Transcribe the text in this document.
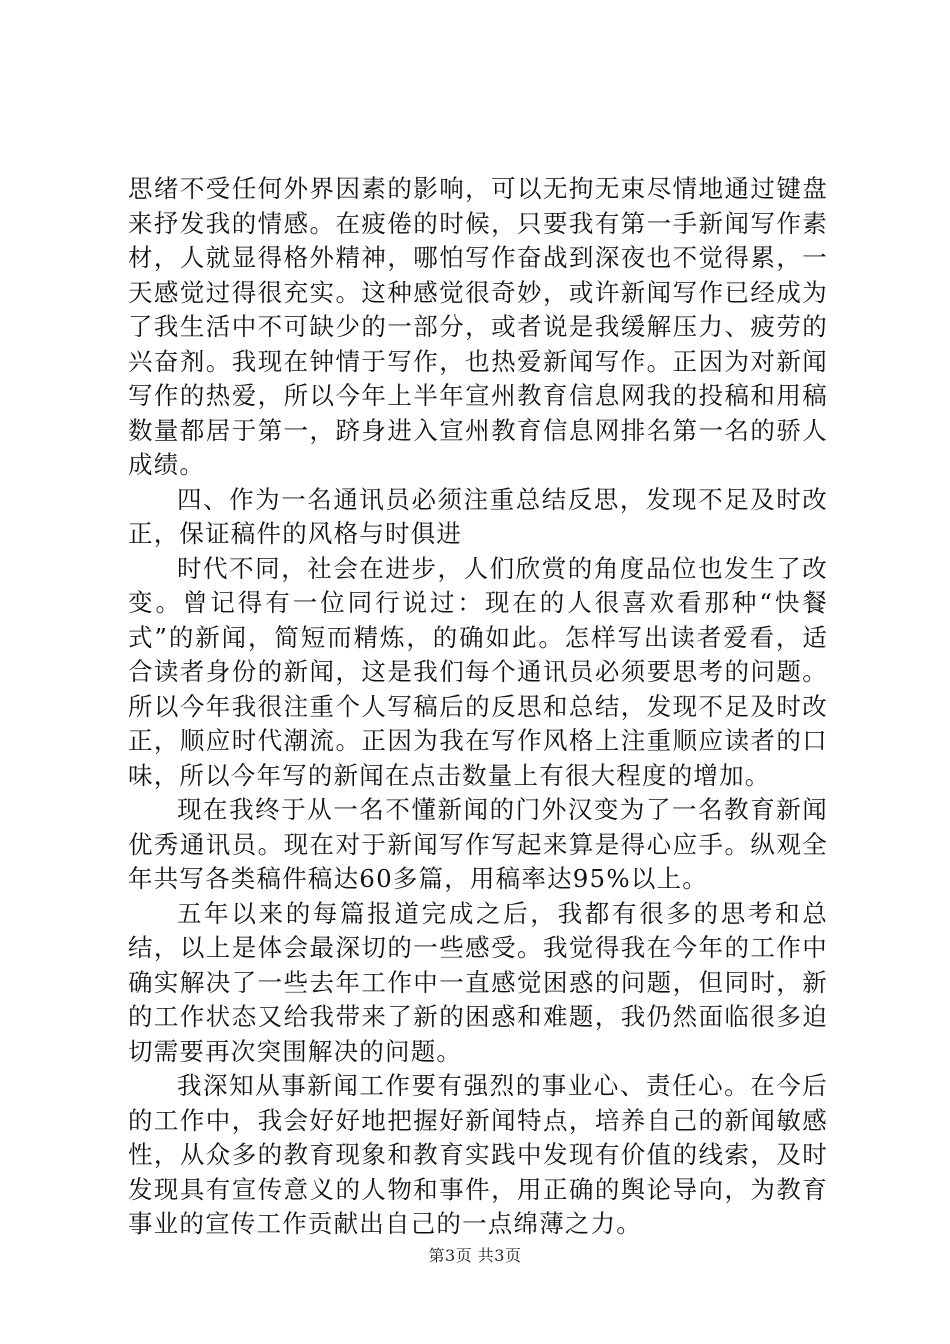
思绪不受任何外界因素的影响，可以无拘无束尽情地通过键盘来抒发我的情感。在疲倦的时候，只要我有第一手新闻写作素材，人就显得格外精神，哪怕写作奋战到深夜也不觉得累，一天感觉过得很充实。这种感觉很奇妙，或许新闻写作已经成为了我生活中不可缺少的一部分，或者说是我缓解压力、疲劳的兴奋剂。我现在钟情于写作，也热爱新闻写作。正因为对新闻写作的热爱，所以今年上半年宣州教育信息网我的投稿和用稿数量都居于第一，跻身进入宣州教育信息网排名第一名的骄人成绩。

四、作为一名通讯员必须注重总结反思，发现不足及时改正，保证稿件的风格与时俱进

时代不同，社会在进步，人们欣赏的角度品位也发生了改变。曾记得有一位同行说过：现在的人很喜欢看那种“快餐式”的新闻，简短而精炼，的确如此。怎样写出读者爱看，适合读者身份的新闻，这是我们每个通讯员必须要思考的问题。所以今年我很注重个人写稿后的反思和总结，发现不足及时改正，顺应时代潮流。正因为我在写作风格上注重顺应读者的口味，所以今年写的新闻在点击数量上有很大程度的增加。

现在我终于从一名不懂新闻的门外汉变为了一名教育新闻优秀通讯员。现在对于新闻写作写起来算是得心应手。纵观全年共写各类稿件稿达60多篇，用稿率达95%以上。

五年以来的每篇报道完成之后，我都有很多的思考和总结，以上是体会最深切的一些感受。我觉得我在今年的工作中确实解决了一些去年工作中一直感觉困惑的问题，但同时，新的工作状态又给我带来了新的困惑和难题，我仍然面临很多迫切需要再次突围解决的问题。

我深知从事新闻工作要有强烈的事业心、责任心。在今后的工作中，我会好好地把握好新闻特点，培养自己的新闻敏感性，从众多的教育现象和教育实践中发现有价值的线索，及时发现具有宣传意义的人物和事件，用正确的舆论导向，为教育事业的宣传工作贡献出自己的一点绵薄之力。

第3页 共3页
